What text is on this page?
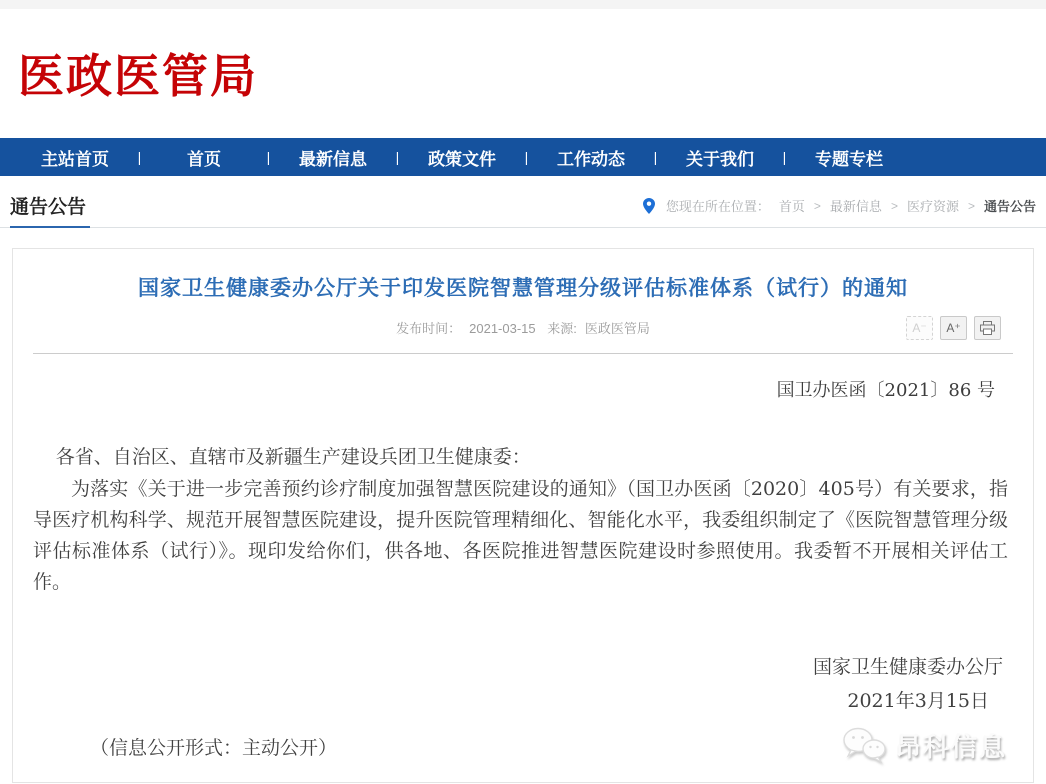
医政医管局
主站首页	|	首页	|	最新信息	|	政策文件	|	工作动态	|	关于我们	|	专题专栏
通告公告	您现在所在位置： 首页 > 最新信息 > 医疗资源 > 通告公告
国家卫生健康委办公厅关于印发医院智慧管理分级评估标准体系（试行）的通知
发布时间： 2021-03-15 来源: 医政医管局	A⁻	A⁺

国卫办医函〔2021〕86 号

各省、自治区、直辖市及新疆生产建设兵团卫生健康委：

为落实《关于进一步完善预约诊疗制度加强智慧医院建设的通知》（国卫办医函〔2020〕405号）有关要求，指导医疗机构科学、规范开展智慧医院建设，提升医院管理精细化、智能化水平，我委组织制定了《医院智慧管理分级评估标准体系（试行）》。现印发给你们，供各地、各医院推进智慧医院建设时参照使用。我委暂不开展相关评估工作。

国家卫生健康委办公厅

2021年3月15日

（信息公开形式：主动公开）	昂科信息
